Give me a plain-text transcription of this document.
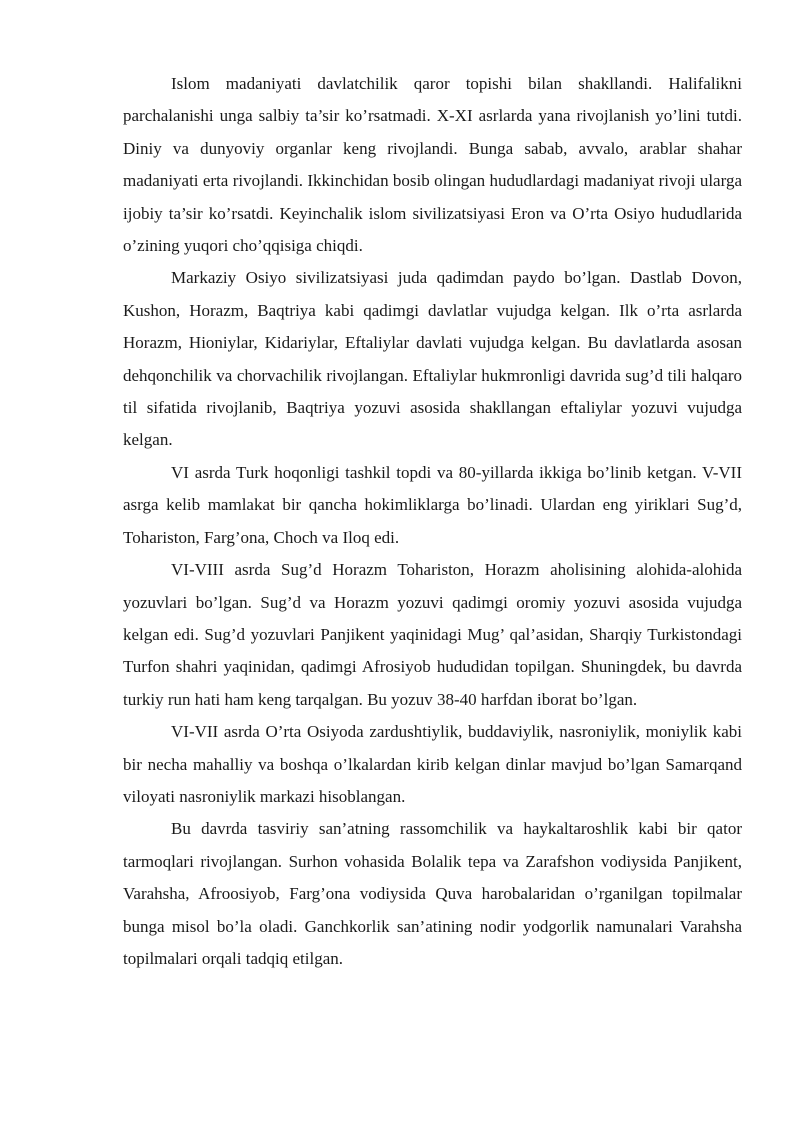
Islom madaniyati davlatchilik qaror topishi bilan shakllandi. Halifalikni parchalanishi unga salbiy ta’sir ko’rsatmadi. X-XI asrlarda yana rivojlanish yo’lini tutdi. Diniy va dunyoviy organlar keng rivojlandi. Bunga sabab, avvalo, arablar shahar madaniyati erta rivojlandi. Ikkinchidan bosib olingan hududlardagi madaniyat rivoji ularga ijobiy ta’sir ko’rsatdi. Keyinchalik islom sivilizatsiyasi Eron va O’rta Osiyo hududlarida o’zining yuqori cho’qqisiga chiqdi.

Markaziy Osiyo sivilizatsiyasi juda qadimdan paydo bo’lgan. Dastlab Dovon, Kushon, Horazm, Baqtriya kabi qadimgi davlatlar vujudga kelgan. Ilk o’rta asrlarda Horazm, Hioniylar, Kidariylar, Eftaliylar davlati vujudga kelgan. Bu davlatlarda asosan dehqonchilik va chorvachilik rivojlangan. Eftaliylar hukmronligi davrida sug’d tili halqaro til sifatida rivojlanib, Baqtriya yozuvi asosida shakllangan eftaliylar yozuvi vujudga kelgan.

VI asrda Turk hoqonligi tashkil topdi va 80-yillarda ikkiga bo’linib ketgan. V-VII asrga kelib mamlakat bir qancha hokimliklarga bo’linadi. Ulardan eng yiriklari Sug’d, Tohariston, Farg’ona, Choch va Iloq edi.

VI-VIII asrda Sug’d Horazm Tohariston, Horazm aholisining alohida-alohida yozuvlari bo’lgan. Sug’d va Horazm yozuvi qadimgi oromiy yozuvi asosida vujudga kelgan edi. Sug’d yozuvlari Panjikent yaqinidagi Mug’ qal’asidan, Sharqiy Turkistondagi Turfon shahri yaqinidan, qadimgi Afrosiyob hududidan topilgan. Shuningdek, bu davrda turkiy run hati ham keng tarqalgan. Bu yozuv 38-40 harfdan iborat bo’lgan.

VI-VII asrda O’rta Osiyoda zardushtiylik, buddaviylik, nasroniylik, moniylik kabi bir necha mahalliy va boshqa o’lkalardan kirib kelgan dinlar mavjud bo’lgan Samarqand viloyati nasroniylik markazi hisoblangan.

Bu davrda tasviriy san’atning rassomchilik va haykaltaroshlik kabi bir qator tarmoqlari rivojlangan. Surhon vohasida Bolalik tepa va Zarafshon vodiysida Panjikent, Varahsha, Afroosiyob, Farg’ona vodiysida Quva harobalaridan o’rganilgan topilmalar bunga misol bo’la oladi. Ganchkorlik san’atining nodir yodgorlik namunalari Varahsha topilmalari orqali tadqiq etilgan.
